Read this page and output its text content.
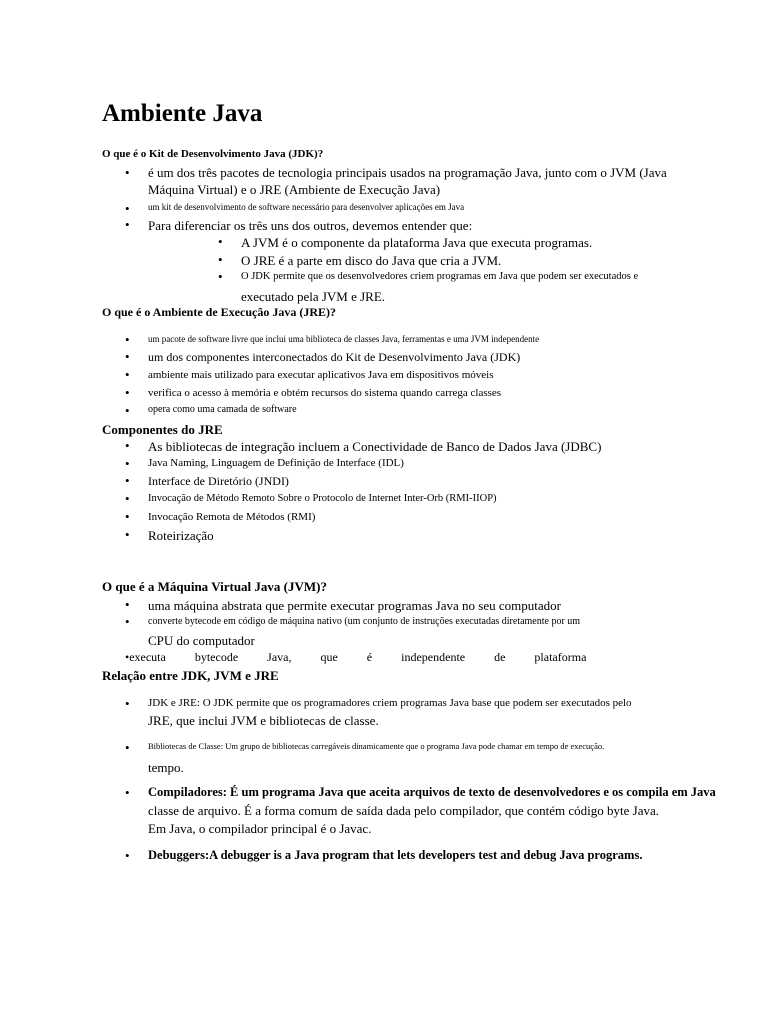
Ambiente Java
O que é o Kit de Desenvolvimento Java (JDK)?
• é um dos três pacotes de tecnologia principais usados na programação Java, junto com o JVM (Java
Máquina Virtual) e o JRE (Ambiente de Execução Java)
• um kit de desenvolvimento de software necessário para desenvolver aplicações em Java
• Para diferenciar os três uns dos outros, devemos entender que:
• A JVM é o componente da plataforma Java que executa programas.
• O JRE é a parte em disco do Java que cria a JVM.
• O JDK permite que os desenvolvedores criem programas em Java que podem ser executados e
executado pela JVM e JRE.
O que é o Ambiente de Execução Java (JRE)?
• um pacote de software livre que inclui uma biblioteca de classes Java, ferramentas e uma JVM independente
• um dos componentes interconectados do Kit de Desenvolvimento Java (JDK)
• ambiente mais utilizado para executar aplicativos Java em dispositivos móveis
• verifica o acesso à memória e obtém recursos do sistema quando carrega classes
• opera como uma camada de software
Componentes do JRE
• As bibliotecas de integração incluem a Conectividade de Banco de Dados Java (JDBC)
• Java Naming, Linguagem de Definição de Interface (IDL)
• Interface de Diretório (JNDI)
• Invocação de Método Remoto Sobre o Protocolo de Internet Inter-Orb (RMI-IIOP)
• Invocação Remota de Métodos (RMI)
• Roteirização
O que é a Máquina Virtual Java (JVM)?
• uma máquina abstrata que permite executar programas Java no seu computador
• converte bytecode em código de máquina nativo (um conjunto de instruções executadas diretamente por um
CPU do computador
•executa bytecode Java, que é independente de plataforma
Relação entre JDK, JVM e JRE
• JDK e JRE: O JDK permite que os programadores criem programas Java base que podem ser executados pelo
JRE, que inclui JVM e bibliotecas de classe.
• Bibliotecas de Classe: Um grupo de bibliotecas carregáveis dinamicamente que o programa Java pode chamar em tempo de execução.
tempo.
• Compiladores: É um programa Java que aceita arquivos de texto de desenvolvedores e os compila em Java
classe de arquivo. É a forma comum de saída dada pelo compilador, que contém código byte Java.
Em Java, o compilador principal é o Javac.
• Debuggers:A debugger is a Java program that lets developers test and debug Java programs.
